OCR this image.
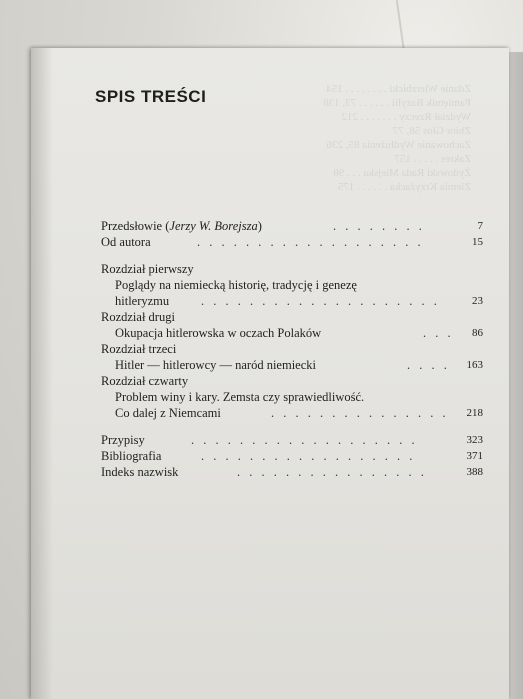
Zdanie Wierzbicki . . . . . . . . 154
Pamiętnik Bazylii . . . . . . 73, 138
Wydział Rzeczy . . . . . . . 212
Zbior Głos 58, 77
Zachowanie Wydłużenia 85, 236
Zakres . . . . . 157
Żydowski Rada Miejska . . . 98
Ziemia Krzyżacka . . . . . . 175
SPIS TREŚCI
Przedsłowie (Jerzy W. Borejsza)	. . . . . . . .	7
Od autora	. . . . . . . . . . . . . . . . . . .	15
Rozdział pierwszy
Poglądy na niemiecką historię, tradycję i genezę
hitleryzmu	. . . . . . . . . . . . . . . . . . . .	23
Rozdział drugi
Okupacja hitlerowska w oczach Polaków	. . . 86
Rozdział trzeci
Hitler — hitlerowcy — naród niemiecki	. . . . 163
Rozdział czwarty
Problem winy i kary. Zemsta czy sprawiedliwość.
Co dalej z Niemcami	. . . . . . . . . . . . . . . 218
Przypisy	. . . . . . . . . . . . . . . . . . .	323
Bibliografia	. . . . . . . . . . . . . . . . . .	371
Indeks nazwisk	. . . . . . . . . . . . . . . .	388
